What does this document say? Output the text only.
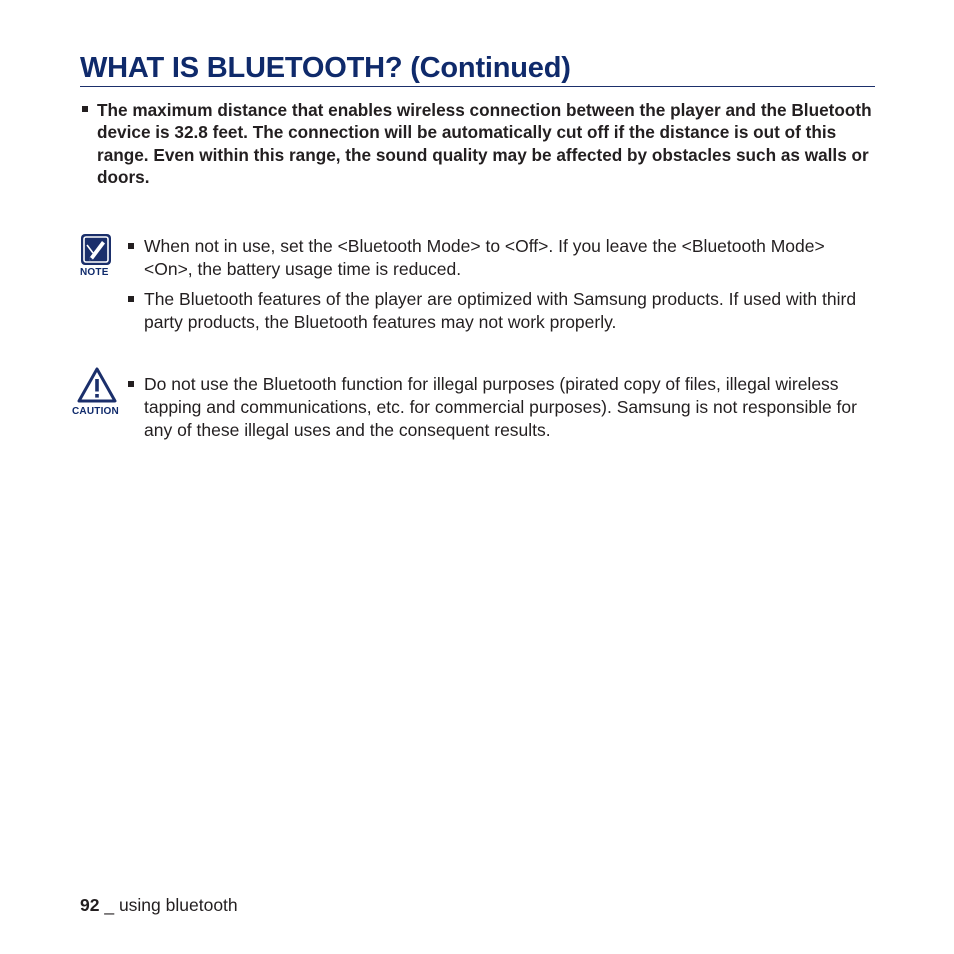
WHAT IS BLUETOOTH? (Continued)
The maximum distance that enables wireless connection between the player and the Bluetooth device is 32.8 feet. The connection will be automatically cut off if the distance is out of this range. Even within this range, the sound quality may be affected by obstacles such as walls or doors.
NOTE
When not in use, set the <Bluetooth Mode> to <Off>. If you leave the <Bluetooth Mode> <On>, the battery usage time is reduced.
The Bluetooth features of the player are optimized with Samsung products. If used with third party products, the Bluetooth features may not work properly.
CAUTION
Do not use the Bluetooth function for illegal purposes (pirated copy of files, illegal wireless tapping and communications, etc. for commercial purposes). Samsung is not responsible for any of these illegal uses and the consequent results.
92 _ using bluetooth
